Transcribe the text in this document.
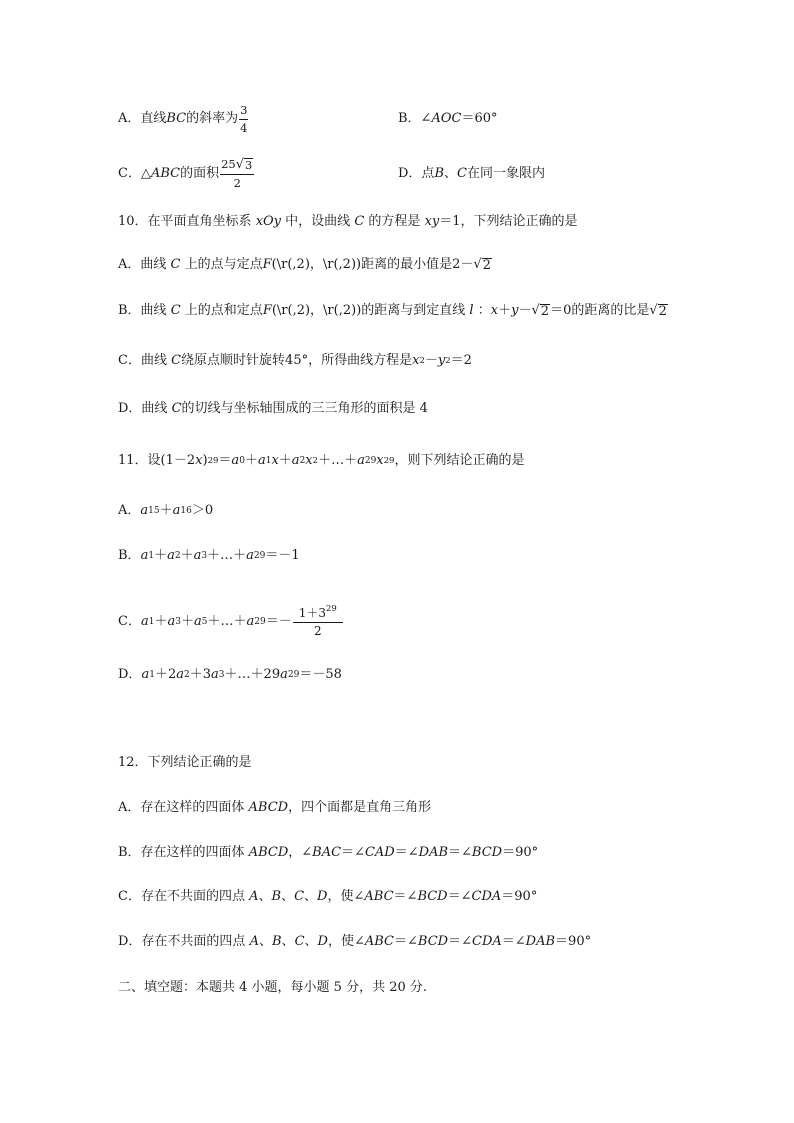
A．直线 BC 的斜率为 $\frac{3}{4}$	B．∠ AOC ＝60°
C．△ ABC 的面积 $\frac{25 √ 3}{2}$	D．点 B 、 C 在同一象限内
10．在平面直角坐标系
xOy
中，设曲线
C
的方程是
xy ＝1，下列结论正确的是
A．曲线
C
上的点与定点 F (\r(,2)，\r(,2))距离的最小值是2－ √ 2
B．曲线
C
上的点和定点 F (\r(,2)，\r(,2))的距离与到定直线
l
： x ＋ y － √ 2 ＝0的距离的比是 √ 2
C．曲线
C 绕原点顺时针旋转45°，所得曲线方程是 x 2 － y 2 ＝2
D．曲线
C 的切线与坐标轴围成的三三角形的面积是 4
11．设(1－2 x ) 29 ＝ a 0 ＋ a 1 x ＋ a 2 x 2 ＋…＋ a 29 x 29 ，则下列结论正确的是
A． a 15 ＋ a 16 ＞0
B． a 1 ＋ a 2 ＋ a 3 ＋…＋ a 29 ＝－1
C． a 1 ＋ a 3 ＋ a 5 ＋…＋ a $29 =- \frac{1+3^{29}}{2}$
D． a 1 ＋ 2 a 2 ＋ 3 a 3 ＋…＋ 29 a 29 ＝－58
12．下列结论正确的是
A．存在这样的四面体
ABCD ，四个面都是直角三角形
B．存在这样的四面体
ABCD ，∠ BAC ＝∠ CAD ＝∠ DAB ＝∠ BCD ＝90°
C．存在不共面的四点
A 、 B 、 C 、 D ，使∠ ABC ＝∠ BCD ＝∠ CDA ＝90°
D．存在不共面的四点
A 、 B 、 C 、 D ，使∠ ABC ＝∠ BCD ＝∠ CDA ＝∠ DAB ＝90°
二、填空题：本题共 4 小题，每小题 5 分，共 20 分.
